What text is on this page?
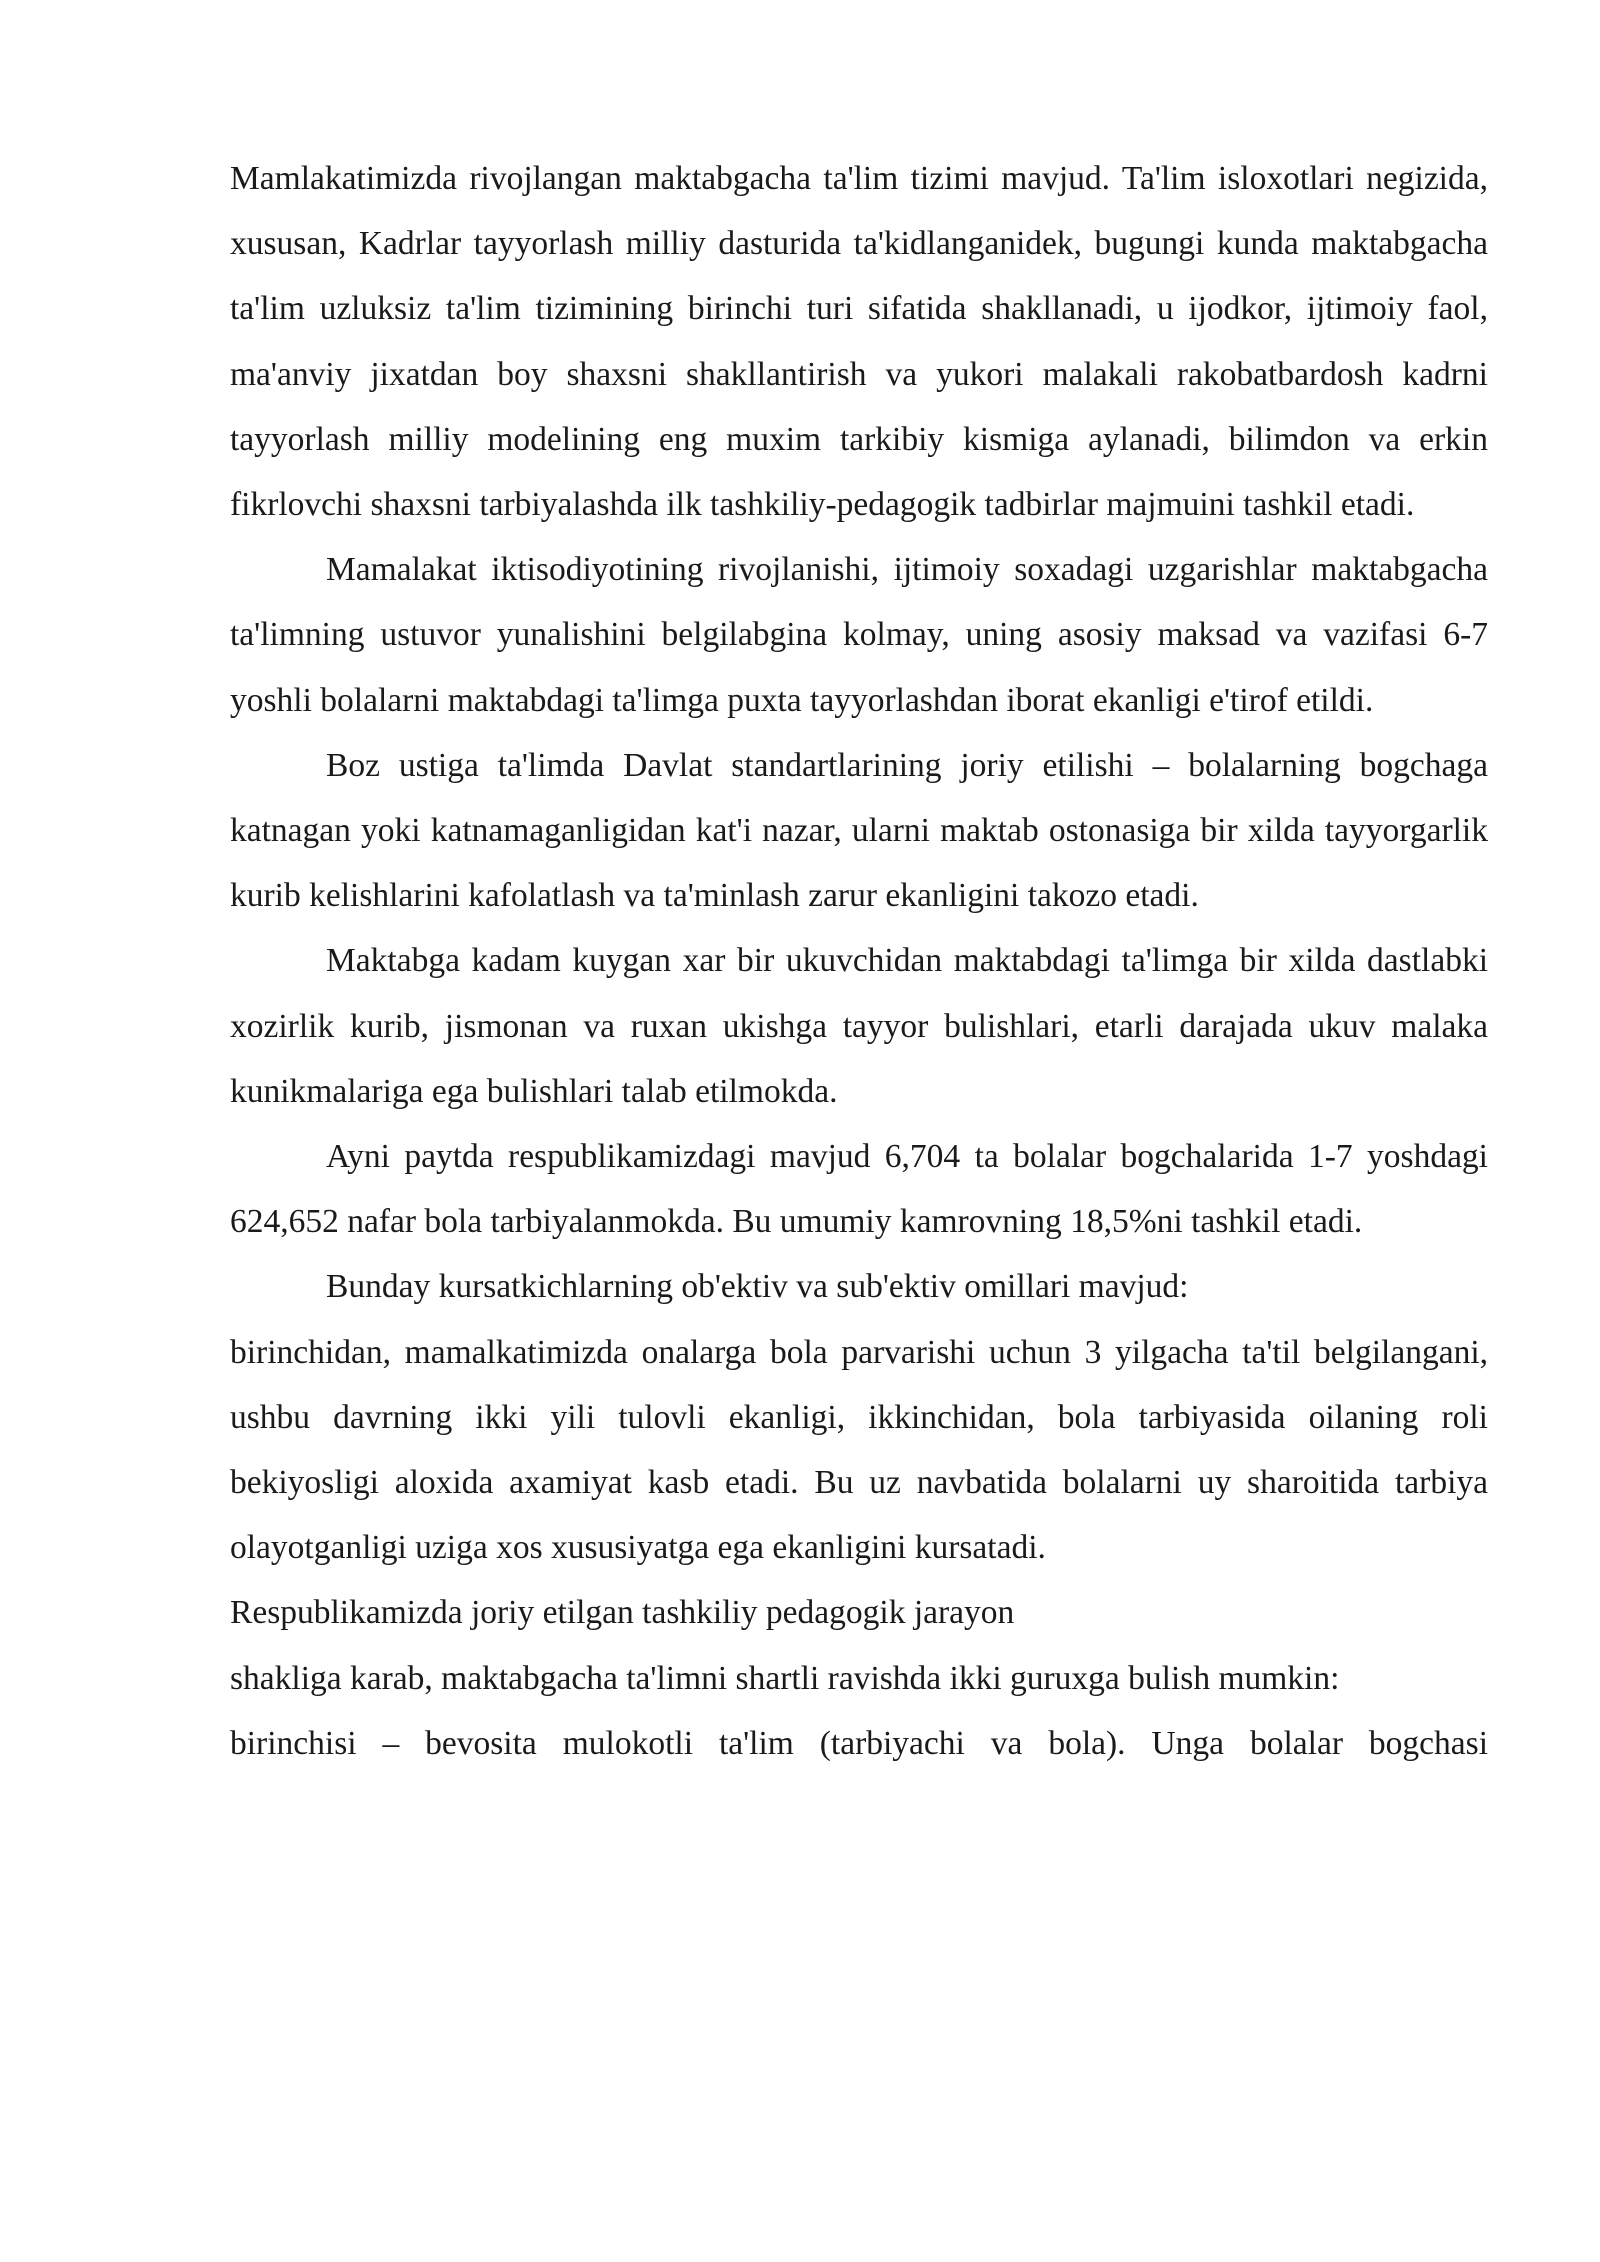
Mamlakatimizda rivojlangan maktabgacha ta'lim tizimi mavjud. Ta'lim isloxotlari negizida, xususan, Kadrlar tayyorlash milliy dasturida ta'kidlanganidek, bugungi kunda maktabgacha ta'lim uzluksiz ta'lim tizimining birinchi turi sifatida shakllanadi, u ijodkor, ijtimoiy faol, ma'anviy jixatdan boy shaxsni shakllantirish va yukori malakali rakobatbardosh kadrni tayyorlash milliy modelining eng muxim tarkibiy kismiga aylanadi, bilimdon va erkin fikrlovchi shaxsni tarbiyalashda ilk tashkiliy-pedagogik tadbirlar majmuini tashkil etadi.

Mamalakat iktisodiyotining rivojlanishi, ijtimoiy soxadagi uzgarishlar maktabgacha ta'limning ustuvor yunalishini belgilabgina kolmay, uning asosiy maksad va vazifasi 6-7 yoshli bolalarni maktabdagi ta'limga puxta tayyorlashdan iborat ekanligi e'tirof etildi.

Boz ustiga ta'limda Davlat standartlarining joriy etilishi – bolalarning bogchaga katnagan yoki katnamaganligidan kat'i nazar, ularni maktab ostonasiga bir xilda tayyorgarlik kurib kelishlarini kafolatlash va ta'minlash zarur ekanligini takozo etadi.

Maktabga kadam kuygan xar bir ukuvchidan maktabdagi ta'limga bir xilda dastlabki xozirlik kurib, jismonan va ruxan ukishga tayyor bulishlari, etarli darajada ukuv malaka kunikmalariga ega bulishlari talab etilmokda.

Ayni paytda respublikamizdagi mavjud 6,704 ta bolalar bogchalarida 1-7 yoshdagi 624,652 nafar bola tarbiyalanmokda. Bu umumiy kamrovning 18,5%ni tashkil etadi.

Bunday kursatkichlarning ob'ektiv va sub'ektiv omillari mavjud:

birinchidan, mamalkatimizda onalarga bola parvarishi uchun 3 yilgacha ta'til belgilangani, ushbu davrning ikki yili tulovli ekanligi, ikkinchidan, bola tarbiyasida oilaning roli bekiyosligi aloxida axamiyat kasb etadi. Bu uz navbatida bolalarni uy sharoitida tarbiya olayotganligi uziga xos xususiyatga ega ekanligini kursatadi.

Respublikamizda joriy etilgan tashkiliy pedagogik jarayon

shakliga karab, maktabgacha ta'limni shartli ravishda ikki guruxga bulish mumkin:

birinchisi – bevosita mulokotli ta'lim (tarbiyachi va bola). Unga bolalar bogchasi
